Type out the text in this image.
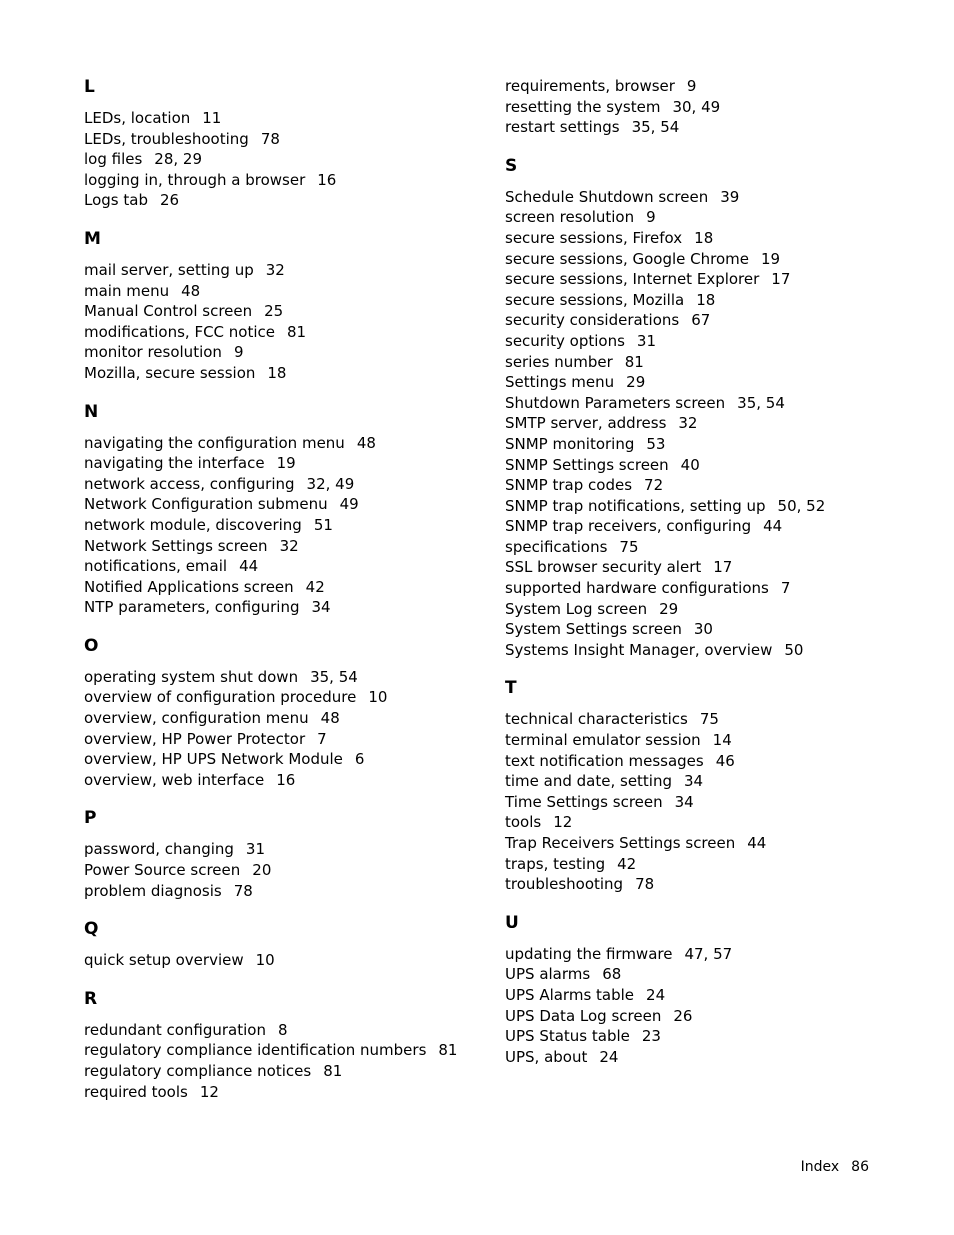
L
LEDs, location 11
LEDs, troubleshooting 78
log files 28, 29
logging in, through a browser 16
Logs tab 26
M
mail server, setting up 32
main menu 48
Manual Control screen 25
modifications, FCC notice 81
monitor resolution 9
Mozilla, secure session 18
N
navigating the configuration menu 48
navigating the interface 19
network access, configuring 32, 49
Network Configuration submenu 49
network module, discovering 51
Network Settings screen 32
notifications, email 44
Notified Applications screen 42
NTP parameters, configuring 34
O
operating system shut down 35, 54
overview of configuration procedure 10
overview, configuration menu 48
overview, HP Power Protector 7
overview, HP UPS Network Module 6
overview, web interface 16
P
password, changing 31
Power Source screen 20
problem diagnosis 78
Q
quick setup overview 10
R
redundant configuration 8
regulatory compliance identification numbers 81
regulatory compliance notices 81
required tools 12
requirements, browser 9
resetting the system 30, 49
restart settings 35, 54
S
Schedule Shutdown screen 39
screen resolution 9
secure sessions, Firefox 18
secure sessions, Google Chrome 19
secure sessions, Internet Explorer 17
secure sessions, Mozilla 18
security considerations 67
security options 31
series number 81
Settings menu 29
Shutdown Parameters screen 35, 54
SMTP server, address 32
SNMP monitoring 53
SNMP Settings screen 40
SNMP trap codes 72
SNMP trap notifications, setting up 50, 52
SNMP trap receivers, configuring 44
specifications 75
SSL browser security alert 17
supported hardware configurations 7
System Log screen 29
System Settings screen 30
Systems Insight Manager, overview 50
T
technical characteristics 75
terminal emulator session 14
text notification messages 46
time and date, setting 34
Time Settings screen 34
tools 12
Trap Receivers Settings screen 44
traps, testing 42
troubleshooting 78
U
updating the firmware 47, 57
UPS alarms 68
UPS Alarms table 24
UPS Data Log screen 26
UPS Status table 23
UPS, about 24
Index 86
